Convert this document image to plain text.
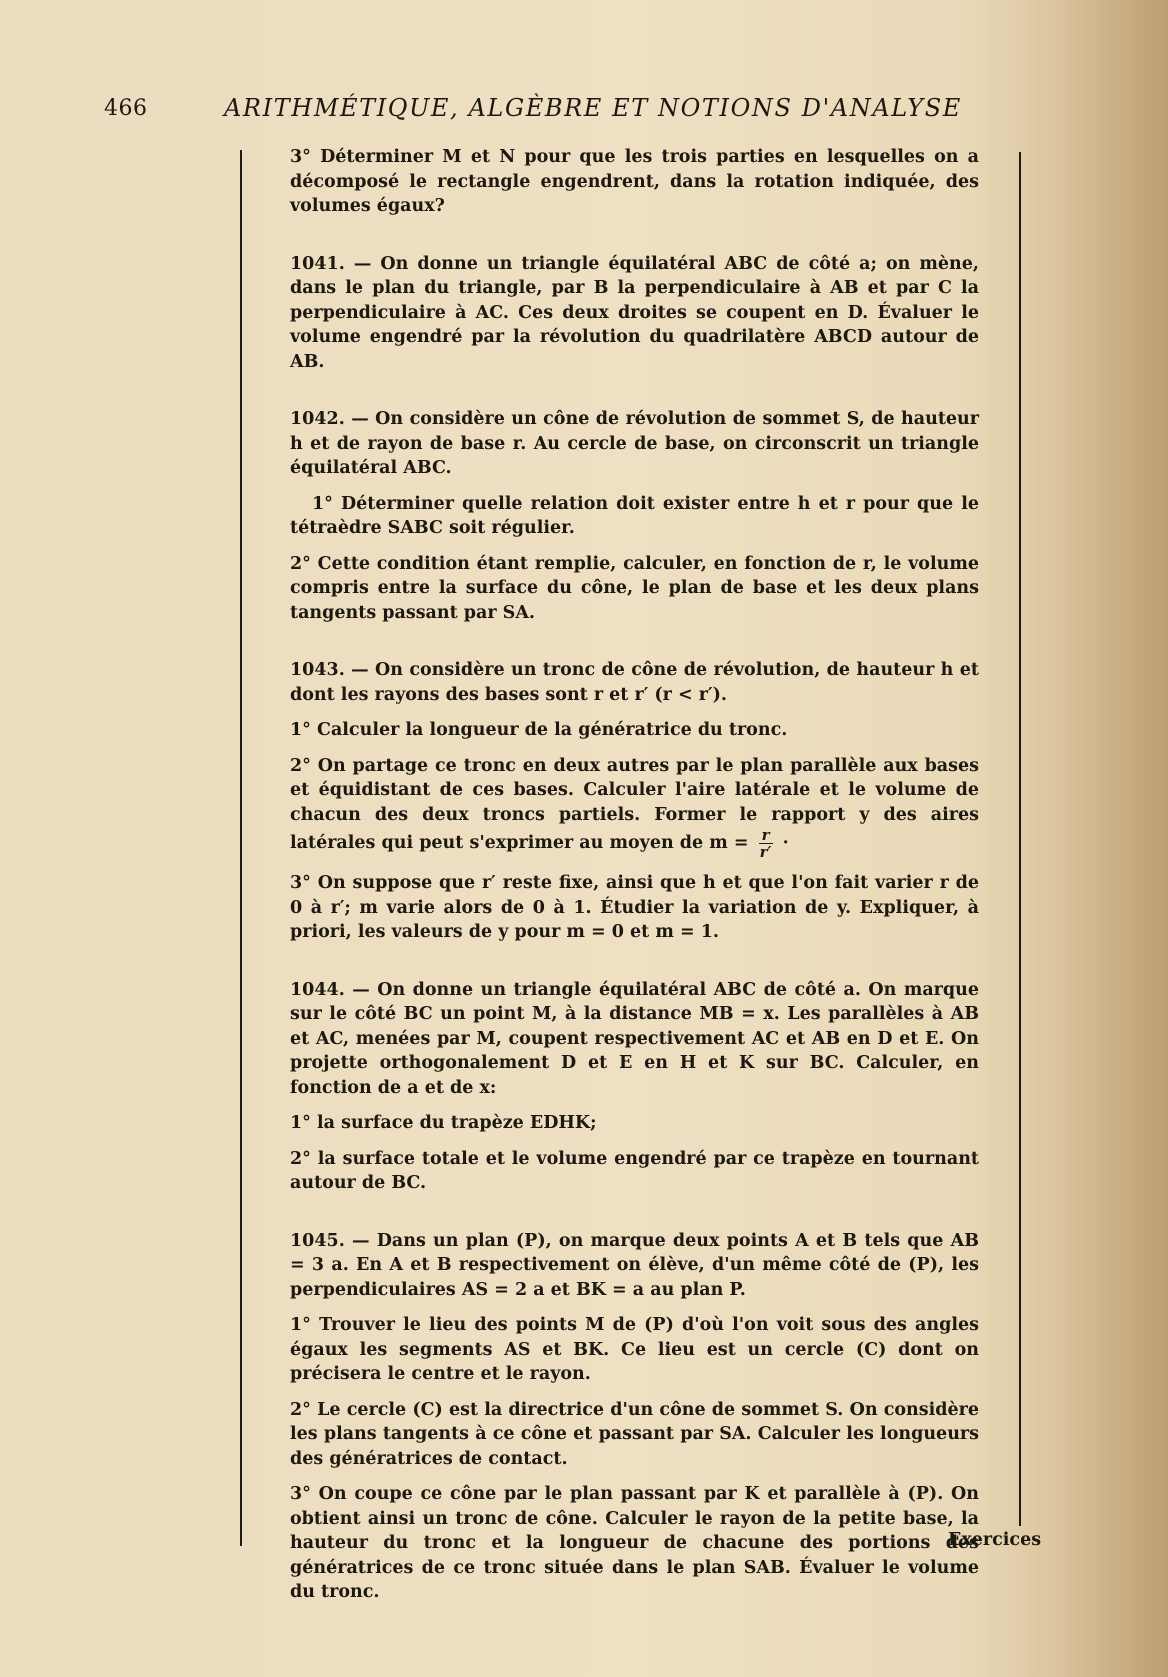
466	ARITHMÉTIQUE, ALGÈBRE ET NOTIONS D'ANALYSE

3° Déterminer M et N pour que les trois parties en lesquelles on a décomposé le rectangle engendrent, dans la rotation indiquée, des volumes égaux?

1041. — On donne un triangle équilatéral ABC de côté a; on mène, dans le plan du triangle, par B la perpendiculaire à AB et par C la perpendiculaire à AC. Ces deux droites se coupent en D. Évaluer le volume engendré par la révolution du quadrilatère ABCD autour de AB.

1042. — On considère un cône de révolution de sommet S, de hauteur h et de rayon de base r. Au cercle de base, on circonscrit un triangle équilatéral ABC.

1° Déterminer quelle relation doit exister entre h et r pour que le tétraèdre SABC soit régulier.

2° Cette condition étant remplie, calculer, en fonction de r, le volume compris entre la surface du cône, le plan de base et les deux plans tangents passant par SA.

1043. — On considère un tronc de cône de révolution, de hauteur h et dont les rayons des bases sont r et r′ (r < r′).

1° Calculer la longueur de la génératrice du tronc.

2° On partage ce tronc en deux autres par le plan parallèle aux bases et équidistant de ces bases. Calculer l'aire latérale et le volume de chacun des deux troncs partiels. Former le rapport y des aires latérales qui peut s'exprimer au moyen de $m = \frac{r}{r'}$ ·

3° On suppose que r′ reste fixe, ainsi que h et que l'on fait varier r de 0 à r′; m varie alors de 0 à 1. Étudier la variation de y. Expliquer, à priori, les valeurs de y pour m = 0 et m = 1.

1044. — On donne un triangle équilatéral ABC de côté a. On marque sur le côté BC un point M, à la distance MB = x. Les parallèles à AB et AC, menées par M, coupent respectivement AC et AB en D et E. On projette orthogonalement D et E en H et K sur BC. Calculer, en fonction de a et de x:

1° la surface du trapèze EDHK;

2° la surface totale et le volume engendré par ce trapèze en tournant autour de BC.

1045. — Dans un plan (P), on marque deux points A et B tels que AB = 3 a. En A et B respectivement on élève, d'un même côté de (P), les perpendiculaires AS = 2 a et BK = a au plan P.

1° Trouver le lieu des points M de (P) d'où l'on voit sous des angles égaux les segments AS et BK. Ce lieu est un cercle (C) dont on précisera le centre et le rayon.

2° Le cercle (C) est la directrice d'un cône de sommet S. On considère les plans tangents à ce cône et passant par SA. Calculer les longueurs des génératrices de contact.

3° On coupe ce cône par le plan passant par K et parallèle à (P). On obtient ainsi un tronc de cône. Calculer le rayon de la petite base, la hauteur du tronc et la longueur de chacune des portions des génératrices de ce tronc située dans le plan SAB. Évaluer le volume du tronc.

Exercices
